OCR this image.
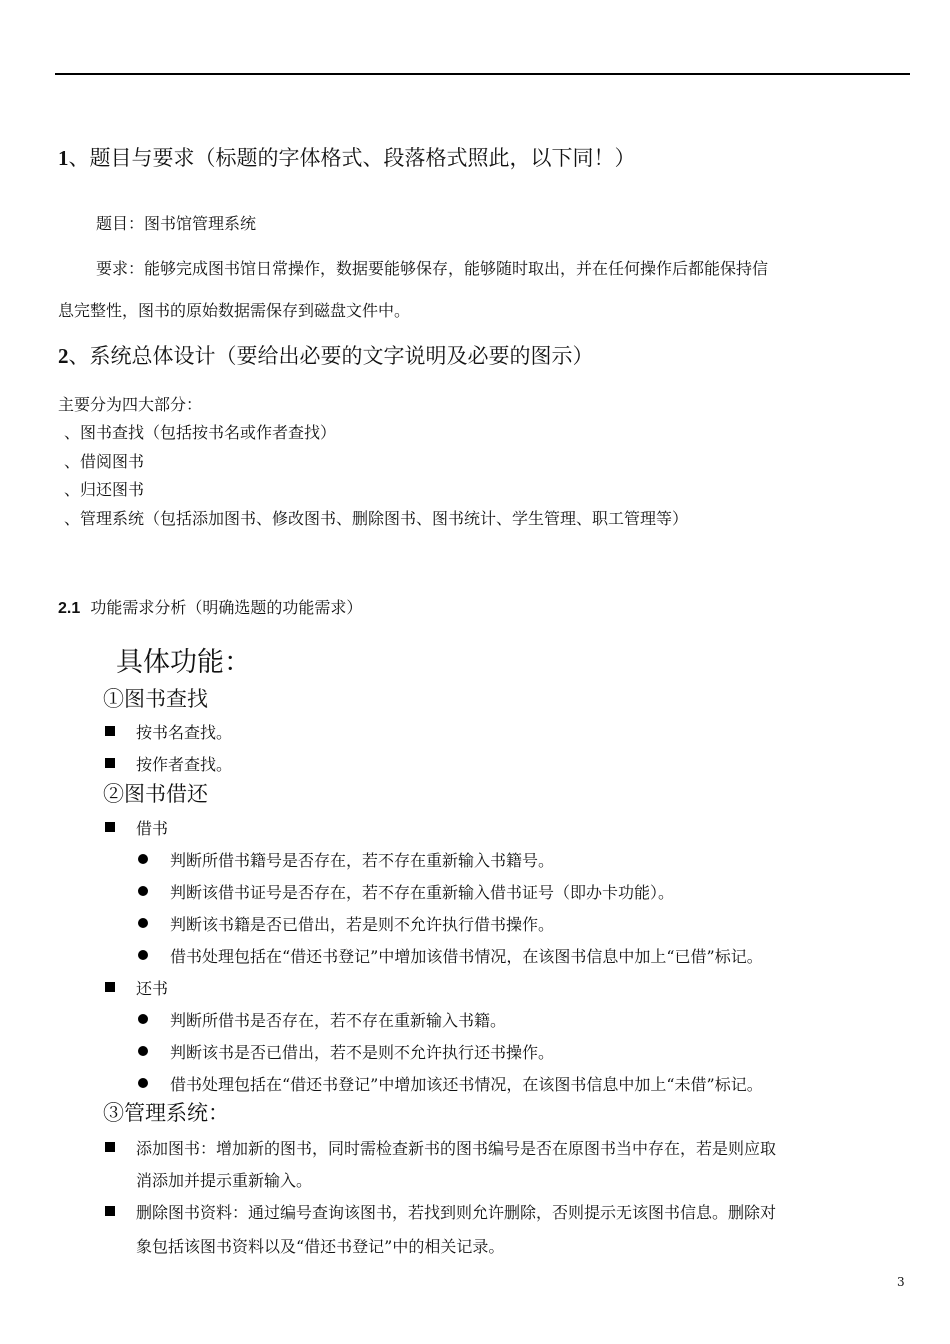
1、题目与要求（标题的字体格式、段落格式照此，以下同！）
题目：图书馆管理系统
要求：能够完成图书馆日常操作，数据要能够保存，能够随时取出，并在任何操作后都能保持信
息完整性，图书的原始数据需保存到磁盘文件中。
2、系统总体设计（要给出必要的文字说明及必要的图示）
主要分为四大部分：
、图书查找（包括按书名或作者查找）
、借阅图书
、归还图书
、管理系统（包括添加图书、修改图书、删除图书、图书统计、学生管理、职工管理等）
2.1 功能需求分析（明确选题的功能需求）
具体功能：
①图书查找
按书名查找。
按作者查找。
②图书借还
借书
判断所借书籍号是否存在，若不存在重新输入书籍号。
判断该借书证号是否存在，若不存在重新输入借书证号（即办卡功能）。
判断该书籍是否已借出，若是则不允许执行借书操作。
借书处理包括在“借还书登记”中增加该借书情况，在该图书信息中加上“已借”标记。
还书
判断所借书是否存在，若不存在重新输入书籍。
判断该书是否已借出，若不是则不允许执行还书操作。
借书处理包括在“借还书登记”中增加该还书情况，在该图书信息中加上“未借”标记。
③管理系统：
添加图书：增加新的图书，同时需检查新书的图书编号是否在原图书当中存在，若是则应取
消添加并提示重新输入。
删除图书资料：通过编号查询该图书，若找到则允许删除，否则提示无该图书信息。删除对
象包括该图书资料以及“借还书登记”中的相关记录。
3
